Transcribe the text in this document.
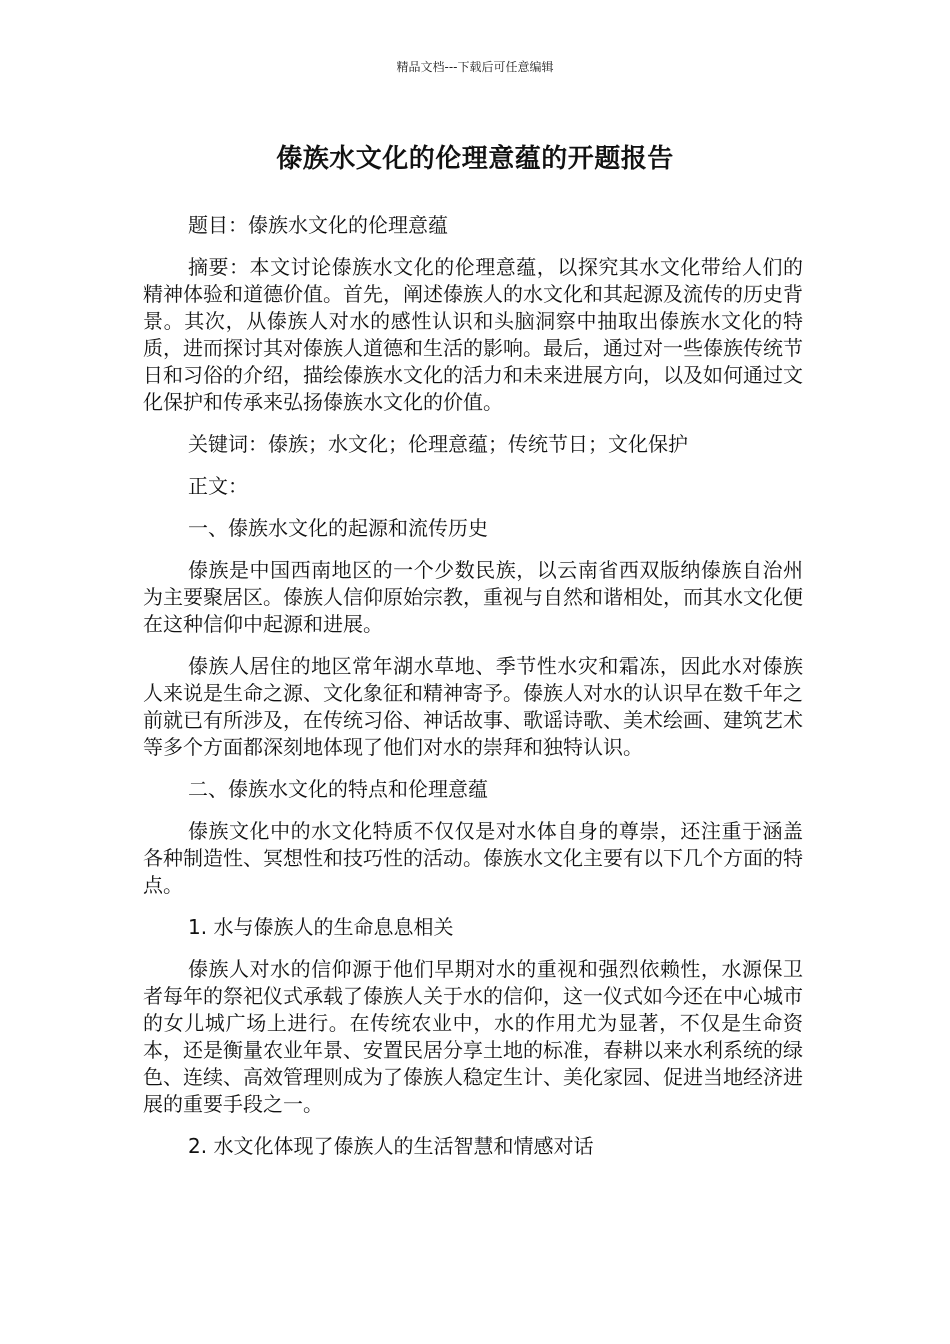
精品文档---下载后可任意编辑
傣族水文化的伦理意蕴的开题报告

题目：傣族水文化的伦理意蕴

摘要：本文讨论傣族水文化的伦理意蕴，以探究其水文化带给人们的精神体验和道德价值。首先，阐述傣族人的水文化和其起源及流传的历史背景。其次，从傣族人对水的感性认识和头脑洞察中抽取出傣族水文化的特质，进而探讨其对傣族人道德和生活的影响。最后，通过对一些傣族传统节日和习俗的介绍，描绘傣族水文化的活力和未来进展方向，以及如何通过文化保护和传承来弘扬傣族水文化的价值。

关键词：傣族；水文化；伦理意蕴；传统节日；文化保护

正文：

一、傣族水文化的起源和流传历史

傣族是中国西南地区的一个少数民族，以云南省西双版纳傣族自治州为主要聚居区。傣族人信仰原始宗教，重视与自然和谐相处，而其水文化便在这种信仰中起源和进展。

傣族人居住的地区常年湖水草地、季节性水灾和霜冻，因此水对傣族人来说是生命之源、文化象征和精神寄予。傣族人对水的认识早在数千年之前就已有所涉及，在传统习俗、神话故事、歌谣诗歌、美术绘画、建筑艺术等多个方面都深刻地体现了他们对水的崇拜和独特认识。

二、傣族水文化的特点和伦理意蕴

傣族文化中的水文化特质不仅仅是对水体自身的尊崇，还注重于涵盖各种制造性、冥想性和技巧性的活动。傣族水文化主要有以下几个方面的特点。

1. 水与傣族人的生命息息相关

傣族人对水的信仰源于他们早期对水的重视和强烈依赖性，水源保卫者每年的祭祀仪式承载了傣族人关于水的信仰，这一仪式如今还在中心城市的女儿城广场上进行。在传统农业中，水的作用尤为显著，不仅是生命资本，还是衡量农业年景、安置民居分享土地的标准，春耕以来水利系统的绿色、连续、高效管理则成为了傣族人稳定生计、美化家园、促进当地经济进展的重要手段之一。

2. 水文化体现了傣族人的生活智慧和情感对话
